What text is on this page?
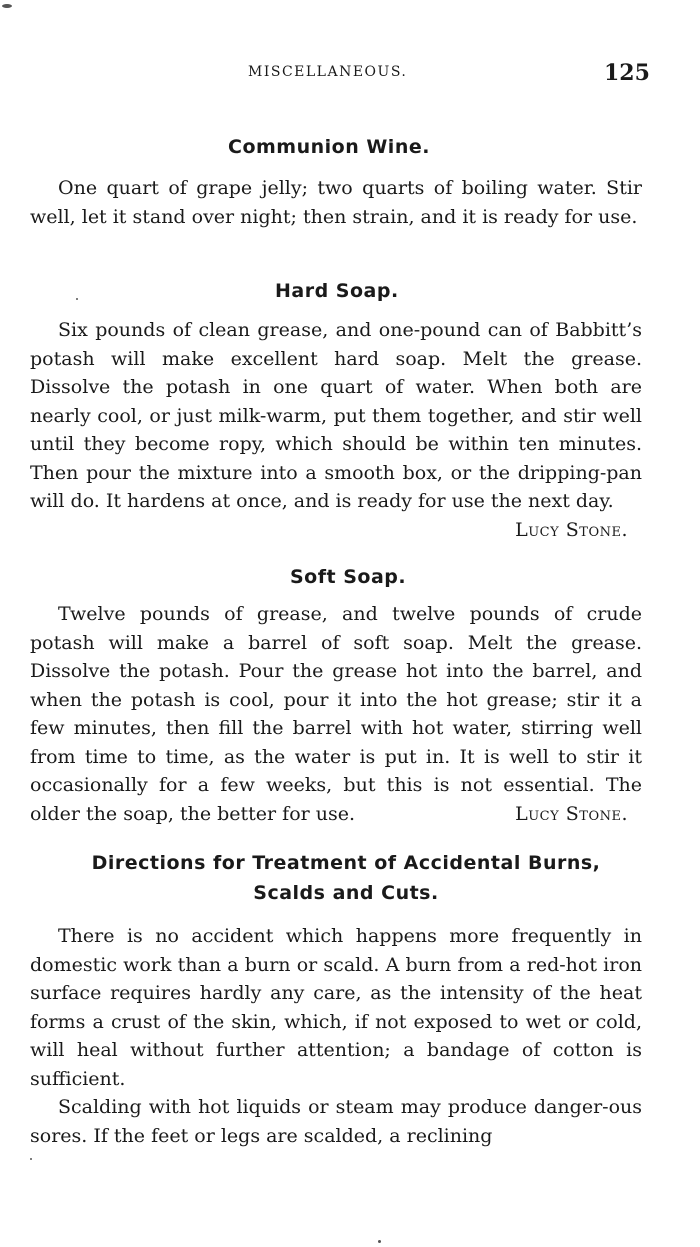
MISCELLANEOUS.	125
Communion Wine.

One quart of grape jelly; two quarts of boiling water. Stir well, let it stand over night; then strain, and it is ready for use.

Hard Soap.

Six pounds of clean grease, and one-pound can of Babbitt’s potash will make excellent hard soap. Melt the grease. Dissolve the potash in one quart of water. When both are nearly cool, or just milk-warm, put them together, and stir well until they become ropy, which should be within ten minutes. Then pour the mixture into a smooth box, or the dripping-pan will do. It hardens at once, and is ready for use the next day.
Lucy Stone.

Soft Soap.

Twelve pounds of grease, and twelve pounds of crude potash will make a barrel of soft soap. Melt the grease. Dissolve the potash. Pour the grease hot into the barrel, and when the potash is cool, pour it into the hot grease; stir it a few minutes, then fill the barrel with hot water, stirring well from time to time, as the water is put in. It is well to stir it occasionally for a few weeks, but this is not essential. The older the soap, the better for use.	Lucy Stone.

Directions for Treatment of Accidental Burns,
Scalds and Cuts.

There is no accident which happens more frequently in domestic work than a burn or scald. A burn from a red-hot iron surface requires hardly any care, as the intensity of the heat forms a crust of the skin, which, if not exposed to wet or cold, will heal without further attention; a bandage of cotton is sufficient.

Scalding with hot liquids or steam may produce danger-ous sores. If the feet or legs are scalded, a reclining
